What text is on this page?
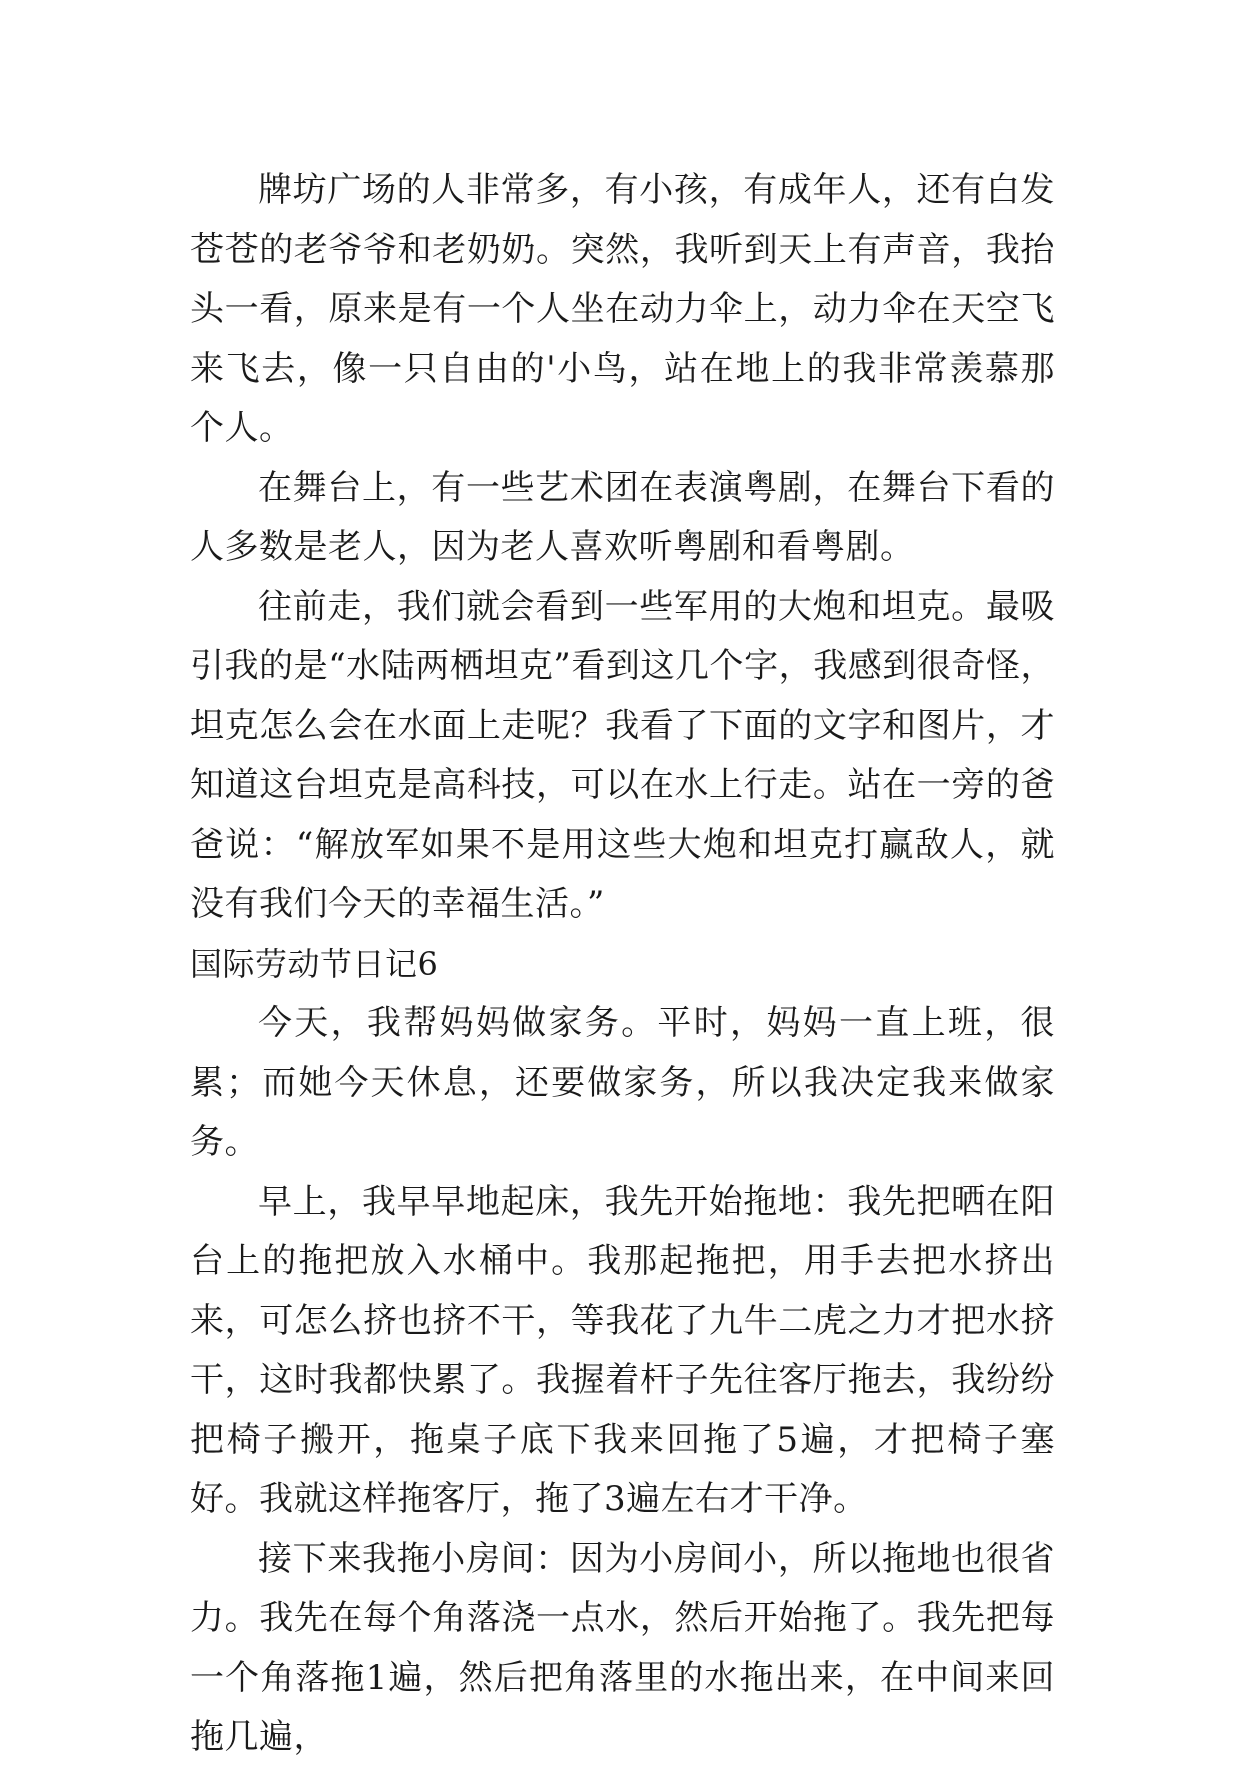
牌坊广场的人非常多，有小孩，有成年人，还有白发苍苍的老爷爷和老奶奶。突然，我听到天上有声音，我抬头一看，原来是有一个人坐在动力伞上，动力伞在天空飞来飞去，像一只自由的'小鸟，站在地上的我非常羡慕那个人。

在舞台上，有一些艺术团在表演粤剧，在舞台下看的人多数是老人，因为老人喜欢听粤剧和看粤剧。

往前走，我们就会看到一些军用的大炮和坦克。最吸引我的是“水陆两栖坦克”看到这几个字，我感到很奇怪，坦克怎么会在水面上走呢？我看了下面的文字和图片，才知道这台坦克是高科技，可以在水上行走。站在一旁的爸爸说：“解放军如果不是用这些大炮和坦克打赢敌人，就没有我们今天的幸福生活。”

国际劳动节日记6

今天，我帮妈妈做家务。平时，妈妈一直上班，很累；而她今天休息，还要做家务，所以我决定我来做家务。

早上，我早早地起床，我先开始拖地：我先把晒在阳台上的拖把放入水桶中。我那起拖把，用手去把水挤出来，可怎么挤也挤不干，等我花了九牛二虎之力才把水挤干，这时我都快累了。我握着杆子先往客厅拖去，我纷纷把椅子搬开，拖桌子底下我来回拖了5遍，才把椅子塞好。我就这样拖客厅，拖了3遍左右才干净。

接下来我拖小房间：因为小房间小，所以拖地也很省力。我先在每个角落浇一点水，然后开始拖了。我先把每一个角落拖1遍，然后把角落里的水拖出来，在中间来回拖几遍，
